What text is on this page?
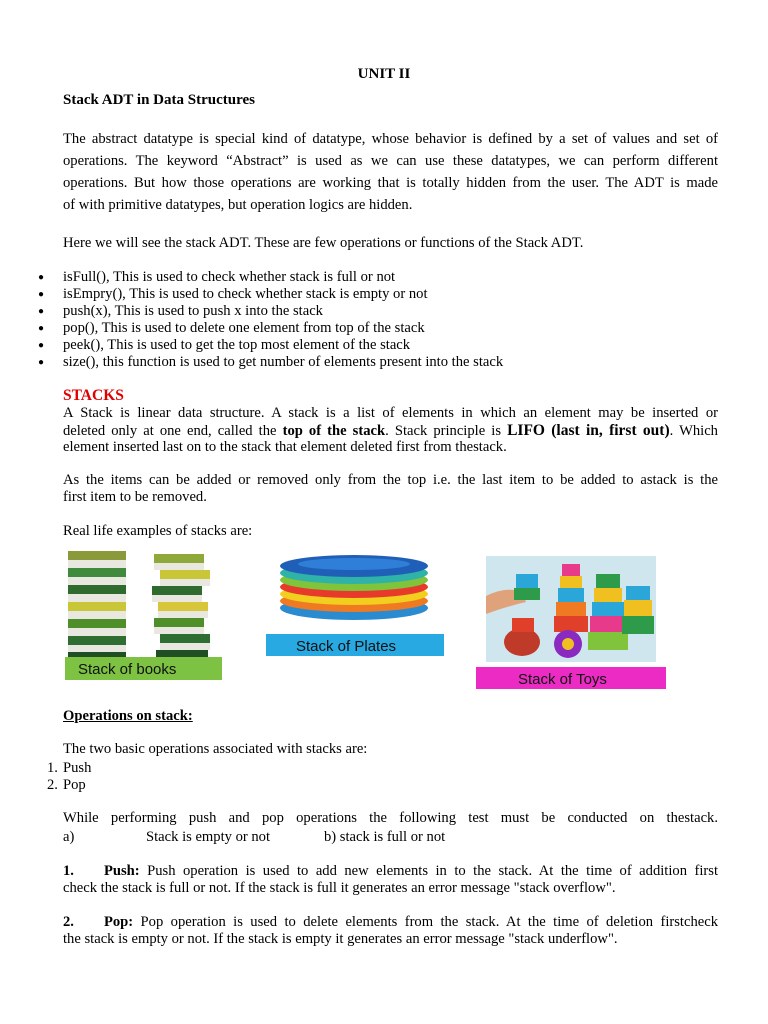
UNIT II
Stack ADT in Data Structures
The abstract datatype is special kind of datatype, whose behavior is defined by a set of values and set of
operations. The keyword “Abstract” is used as we can use these datatypes, we can perform different
operations. But how those operations are working that is totally hidden from the user. The ADT is made
of with primitive datatypes, but operation logics are hidden.
Here we will see the stack ADT. These are few operations or functions of the Stack ADT.
● isFull(), This is used to check whether stack is full or not
● isEmpry(), This is used to check whether stack is empty or not
● push(x), This is used to push x into the stack
● pop(), This is used to delete one element from top of the stack
● peek(), This is used to get the top most element of the stack
● size(), this function is used to get number of elements present into the stack
STACKS
A Stack is linear data structure. A stack is a list of elements in which an element may be inserted or
deleted only at one end, called the top of the stack. Stack principle is LIFO (last in, first out). Which
element inserted last on to the stack that element deleted first from thestack.
As the items can be added or removed only from the top i.e. the last item to be added to astack is the
first item to be removed.
Real life examples of stacks are:
Stack of books
Stack of Plates
Stack of Toys
Operations on stack:
The two basic operations associated with stacks are:
1. Push
2. Pop
While performing push and pop operations the following test must be conducted on thestack.
a)	Stack is empty or not	b) stack is full or not
1. Push: Push operation is used to add new elements in to the stack. At the time of addition first
check the stack is full or not. If the stack is full it generates an error message "stack overflow".
2. Pop: Pop operation is used to delete elements from the stack. At the time of deletion firstcheck
the stack is empty or not. If the stack is empty it generates an error message "stack underflow".
